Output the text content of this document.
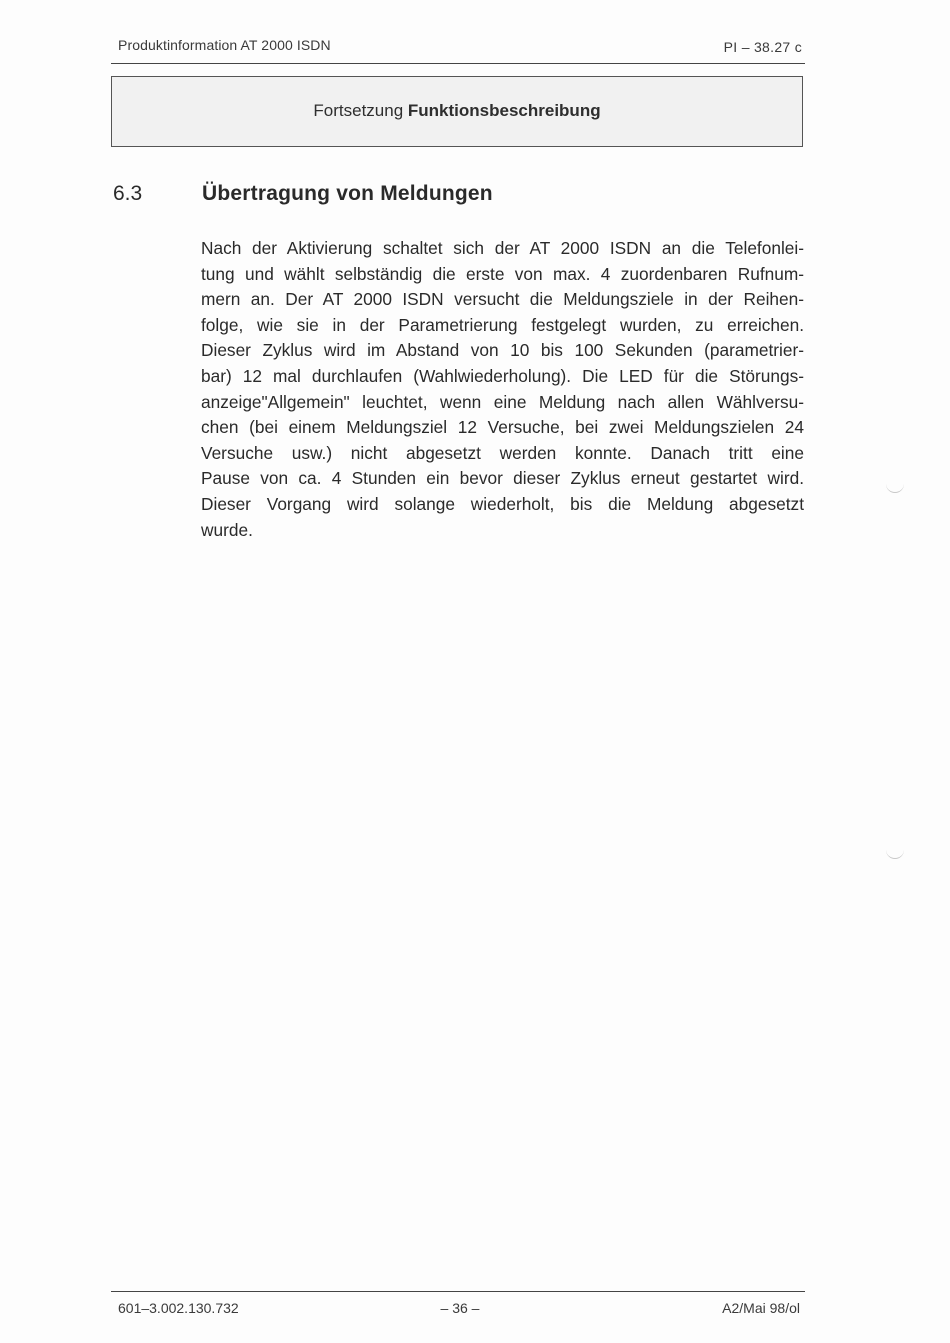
Produktinformation AT 2000 ISDN	PI – 38.27 c
Fortsetzung Funktionsbeschreibung
6.3	Übertragung von Meldungen
Nach der Aktivierung schaltet sich der AT 2000 ISDN an die Telefonlei-
tung und wählt selbständig die erste von max. 4 zuordenbaren Rufnum-
mern an. Der AT 2000 ISDN versucht die Meldungsziele in der Reihen-
folge, wie sie in der Parametrierung festgelegt wurden, zu erreichen.
Dieser Zyklus wird im Abstand von 10 bis 100 Sekunden (parametrier-
bar) 12 mal durchlaufen (Wahlwiederholung). Die LED für die Störungs-
anzeige"Allgemein" leuchtet, wenn eine Meldung nach allen Wählversu-
chen (bei einem Meldungsziel 12 Versuche, bei zwei Meldungszielen 24
Versuche usw.) nicht abgesetzt werden konnte. Danach tritt eine
Pause von ca. 4 Stunden ein bevor dieser Zyklus erneut gestartet wird.
Dieser Vorgang wird solange wiederholt, bis die Meldung abgesetzt
wurde.
601–3.002.130.732	– 36 –	A2/Mai 98/ol
